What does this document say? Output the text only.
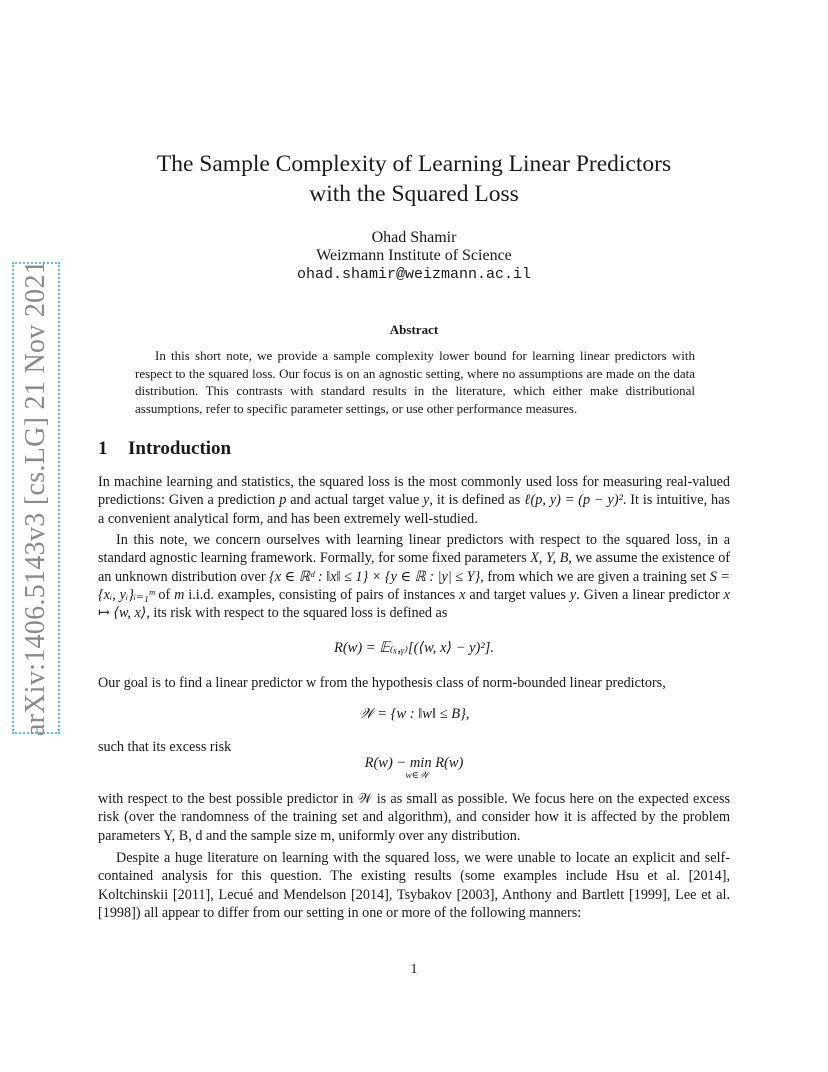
arXiv:1406.5143v3 [cs.LG] 21 Nov 2021
The Sample Complexity of Learning Linear Predictors
with the Squared Loss
Ohad Shamir
Weizmann Institute of Science
ohad.shamir@weizmann.ac.il
Abstract

In this short note, we provide a sample complexity lower bound for learning linear predictors with respect to the squared loss. Our focus is on an agnostic setting, where no assumptions are made on the data distribution. This contrasts with standard results in the literature, which either make distributional assumptions, refer to specific parameter settings, or use other performance measures.

1 Introduction

In machine learning and statistics, the squared loss is the most commonly used loss for measuring real-valued predictions: Given a prediction p and actual target value y, it is defined as ℓ(p, y) = (p − y)². It is intuitive, has a convenient analytical form, and has been extremely well-studied.

In this note, we concern ourselves with learning linear predictors with respect to the squared loss, in a standard agnostic learning framework. Formally, for some fixed parameters X, Y, B, we assume the existence of an unknown distribution over {x ∈ ℝᵈ : ‖x‖ ≤ 1} × {y ∈ ℝ : |y| ≤ Y}, from which we are given a training set S = {xᵢ, yᵢ}ᵢ₌₁ᵐ of m i.i.d. examples, consisting of pairs of instances x and target values y. Given a linear predictor x ↦ ⟨w, x⟩, its risk with respect to the squared loss is defined as

R(w) = 𝔼₍ₓ,ᵧ₎[(⟨w, x⟩ − y)²].

Our goal is to find a linear predictor w from the hypothesis class of norm-bounded linear predictors,

𝒲 = {w : ‖w‖ ≤ B},

such that its excess risk

R(w) − min R(w)
w∈𝒲

with respect to the best possible predictor in 𝒲 is as small as possible. We focus here on the expected excess risk (over the randomness of the training set and algorithm), and consider how it is affected by the problem parameters Y, B, d and the sample size m, uniformly over any distribution.

Despite a huge literature on learning with the squared loss, we were unable to locate an explicit and self-contained analysis for this question. The existing results (some examples include Hsu et al. [2014], Koltchinskii [2011], Lecué and Mendelson [2014], Tsybakov [2003], Anthony and Bartlett [1999], Lee et al. [1998]) all appear to differ from our setting in one or more of the following manners:

1
